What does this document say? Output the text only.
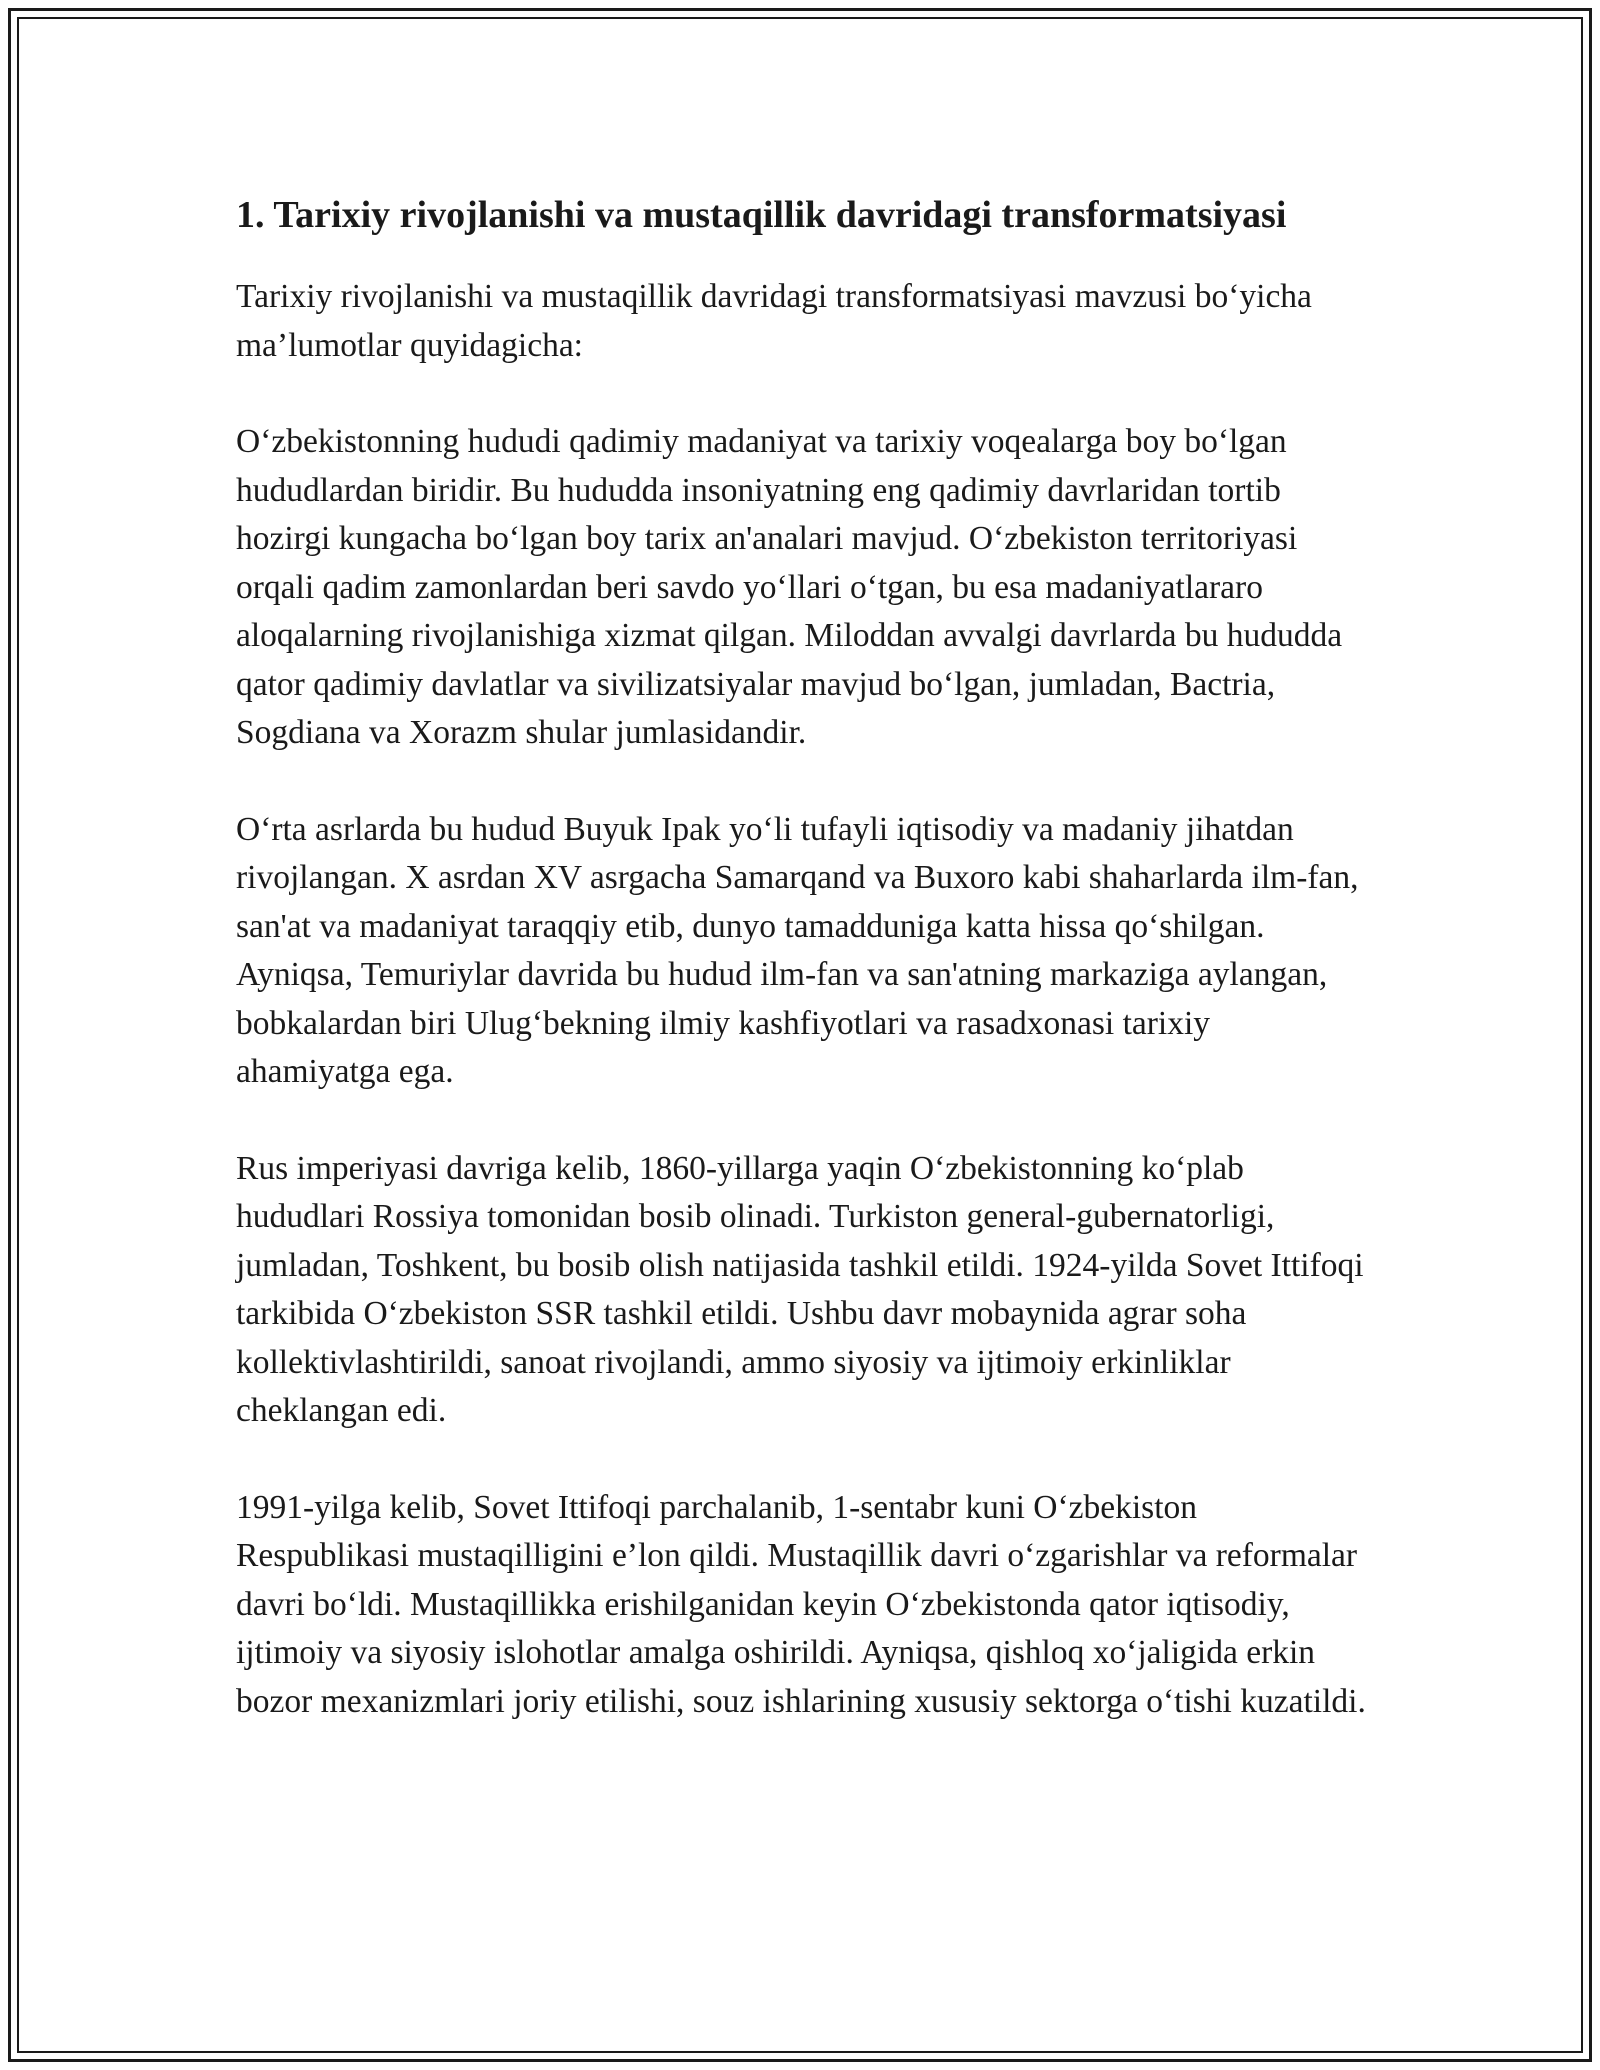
1. Tarixiy rivojlanishi va mustaqillik davridagi transformatsiyasi

Tarixiy rivojlanishi va mustaqillik davridagi transformatsiyasi mavzusi bo‘yicha ma’lumotlar quyidagicha:

O‘zbekistonning hududi qadimiy madaniyat va tarixiy voqealarga boy bo‘lgan hududlardan biridir. Bu hududda insoniyatning eng qadimiy davrlaridan tortib hozirgi kungacha bo‘lgan boy tarix an'analari mavjud. O‘zbekiston territoriyasi orqali qadim zamonlardan beri savdo yo‘llari o‘tgan, bu esa madaniyatlararo aloqalarning rivojlanishiga xizmat qilgan. Miloddan avvalgi davrlarda bu hududda qator qadimiy davlatlar va sivilizatsiyalar mavjud bo‘lgan, jumladan, Bactria, Sogdiana va Xorazm shular jumlasidandir.

O‘rta asrlarda bu hudud Buyuk Ipak yo‘li tufayli iqtisodiy va madaniy jihatdan rivojlangan. X asrdan XV asrgacha Samarqand va Buxoro kabi shaharlarda ilm-fan, san'at va madaniyat taraqqiy etib, dunyo tamadduniga katta hissa qo‘shilgan. Ayniqsa, Temuriylar davrida bu hudud ilm-fan va san'atning markaziga aylangan, bobkalardan biri Ulug‘bekning ilmiy kashfiyotlari va rasadxonasi tarixiy ahamiyatga ega.

Rus imperiyasi davriga kelib, 1860-yillarga yaqin O‘zbekistonning ko‘plab hududlari Rossiya tomonidan bosib olinadi. Turkiston general-gubernatorligi, jumladan, Toshkent, bu bosib olish natijasida tashkil etildi. 1924-yilda Sovet Ittifoqi tarkibida O‘zbekiston SSR tashkil etildi. Ushbu davr mobaynida agrar soha kollektivlashtirildi, sanoat rivojlandi, ammo siyosiy va ijtimoiy erkinliklar cheklangan edi.

1991-yilga kelib, Sovet Ittifoqi parchalanib, 1-sentabr kuni O‘zbekiston Respublikasi mustaqilligini e’lon qildi. Mustaqillik davri o‘zgarishlar va reformalar davri bo‘ldi. Mustaqillikka erishilganidan keyin O‘zbekistonda qator iqtisodiy, ijtimoiy va siyosiy islohotlar amalga oshirildi. Ayniqsa, qishloq xo‘jaligida erkin bozor mexanizmlari joriy etilishi, souz ishlarining xususiy sektorga o‘tishi kuzatildi.
